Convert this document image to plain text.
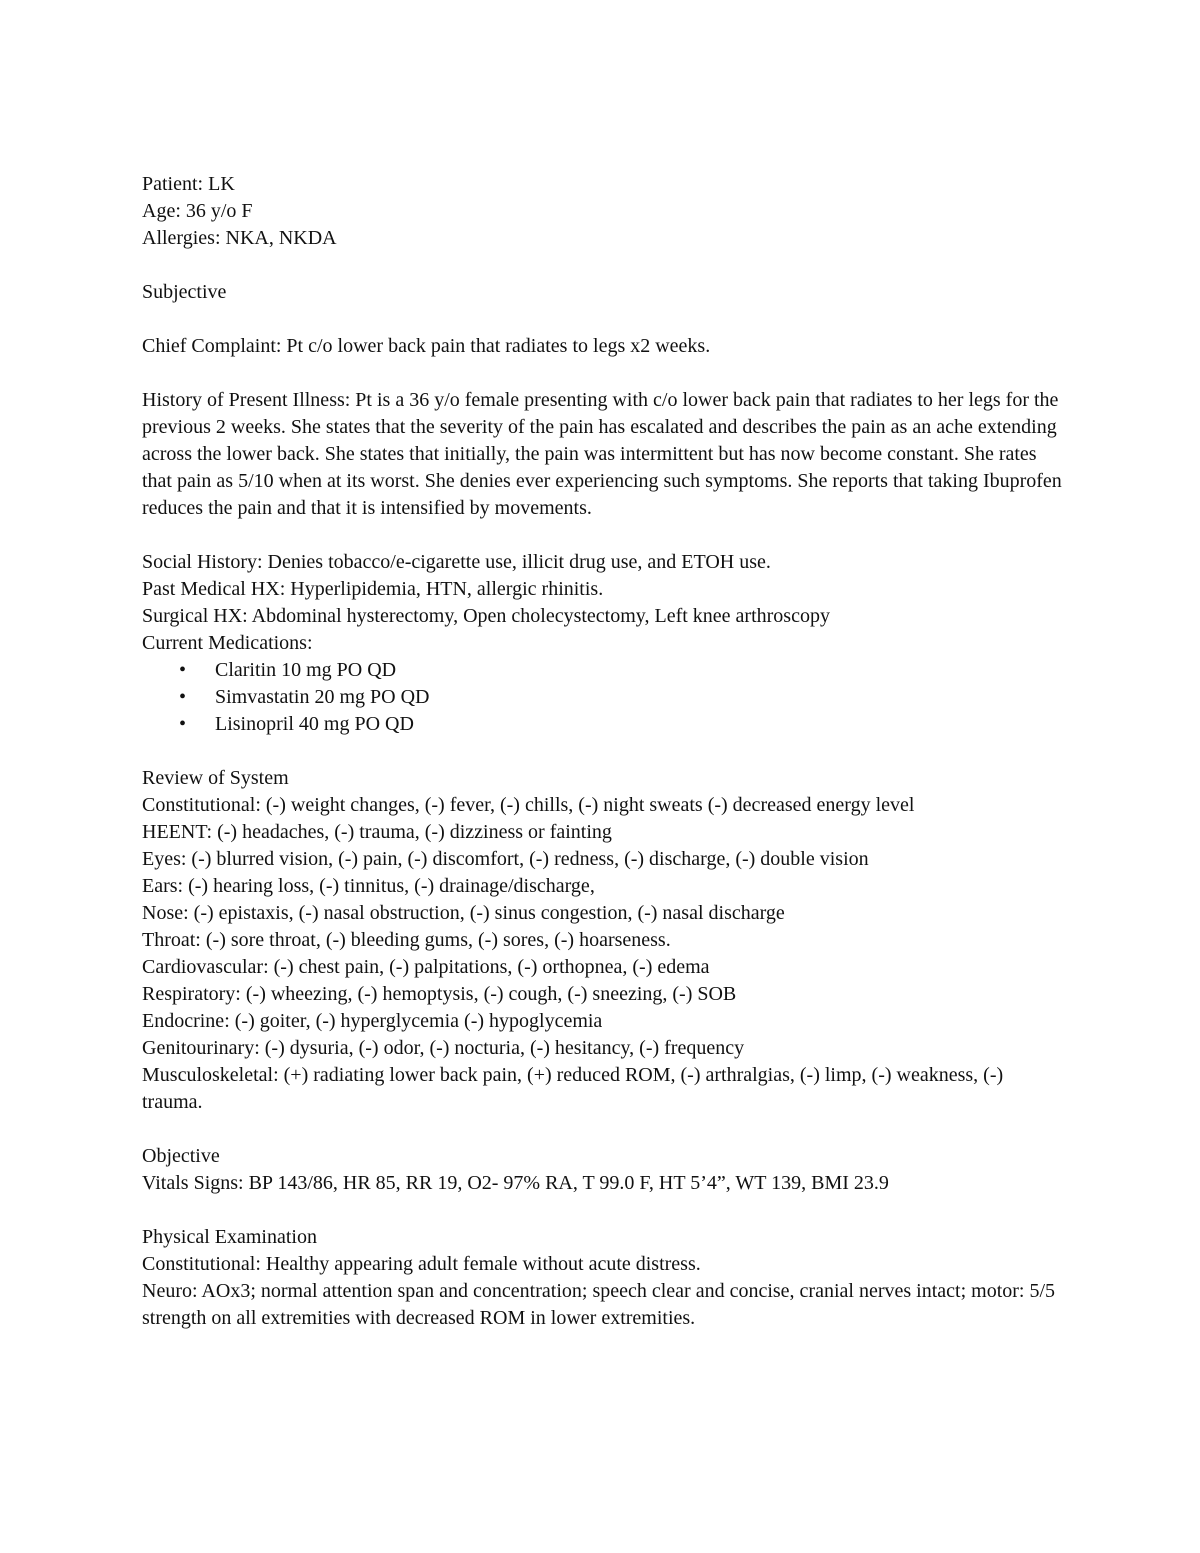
Patient: LK

Age: 36 y/o F

Allergies: NKA, NKDA

Subjective

Chief Complaint: Pt c/o lower back pain that radiates to legs x2 weeks.

History of Present Illness: Pt is a 36 y/o female presenting with c/o lower back pain that radiates to her legs for the previous 2 weeks. She states that the severity of the pain has escalated and describes the pain as an ache extending across the lower back. She states that initially, the pain was intermittent but has now become constant. She rates that pain as 5/10 when at its worst. She denies ever experiencing such symptoms. She reports that taking Ibuprofen reduces the pain and that it is intensified by movements.

Social History: Denies tobacco/e-cigarette use, illicit drug use, and ETOH use.

Past Medical HX: Hyperlipidemia, HTN, allergic rhinitis.

Surgical HX: Abdominal hysterectomy, Open cholecystectomy, Left knee arthroscopy

Current Medications:

• Claritin 10 mg PO QD
• Simvastatin 20 mg PO QD
• Lisinopril 40 mg PO QD

Review of System

Constitutional: (-) weight changes, (-) fever, (-) chills, (-) night sweats (-) decreased energy level

HEENT: (-) headaches, (-) trauma, (-) dizziness or fainting

Eyes: (-) blurred vision, (-) pain, (-) discomfort, (-) redness, (-) discharge, (-) double vision

Ears: (-) hearing loss, (-) tinnitus, (-) drainage/discharge,

Nose: (-) epistaxis, (-) nasal obstruction, (-) sinus congestion, (-) nasal discharge

Throat: (-) sore throat, (-) bleeding gums, (-) sores, (-) hoarseness.

Cardiovascular: (-) chest pain, (-) palpitations, (-) orthopnea, (-) edema

Respiratory: (-) wheezing, (-) hemoptysis, (-) cough, (-) sneezing, (-) SOB

Endocrine: (-) goiter, (-) hyperglycemia (-) hypoglycemia

Genitourinary: (-) dysuria, (-) odor, (-) nocturia, (-) hesitancy, (-) frequency

Musculoskeletal: (+) radiating lower back pain, (+) reduced ROM, (-) arthralgias, (-) limp, (-) weakness, (-) trauma.

Objective

Vitals Signs: BP 143/86, HR 85, RR 19, O2- 97% RA, T 99.0 F, HT 5’4”, WT 139, BMI 23.9

Physical Examination

Constitutional: Healthy appearing adult female without acute distress.

Neuro: AOx3; normal attention span and concentration; speech clear and concise, cranial nerves intact; motor: 5/5 strength on all extremities with decreased ROM in lower extremities.
